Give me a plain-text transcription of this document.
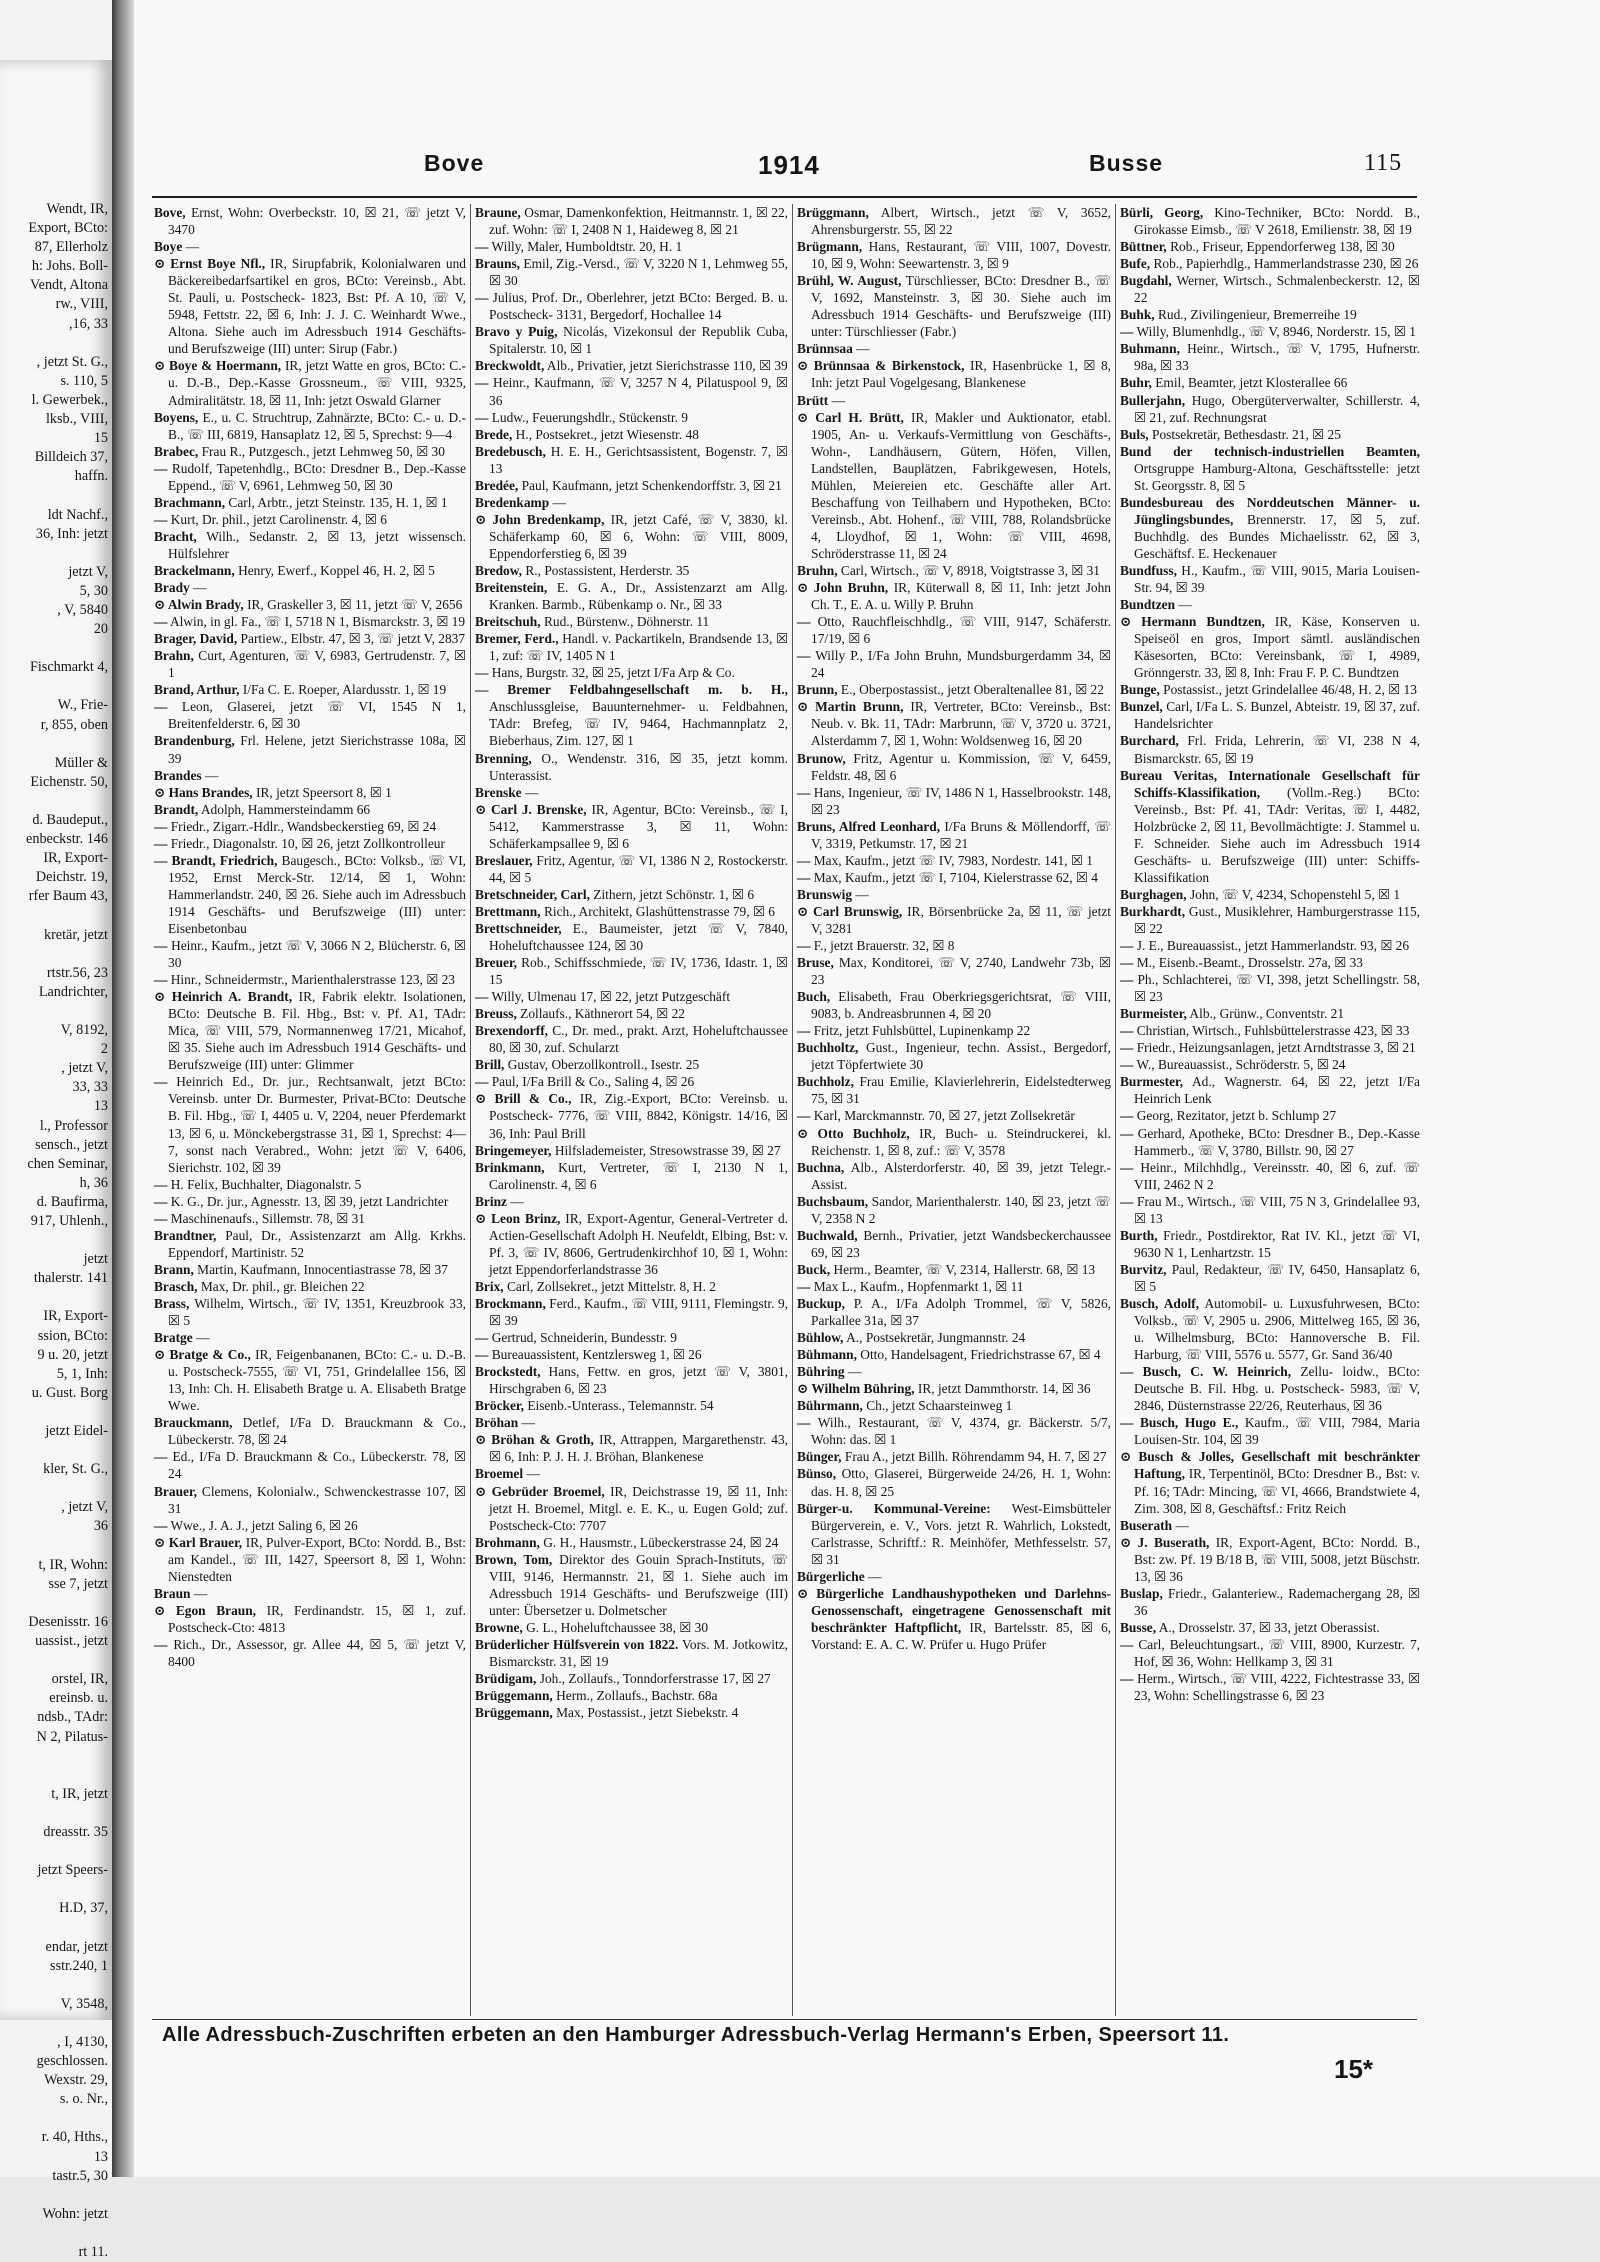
Wendt, IR,
Export, BCto:
87, Ellerholz
h: Johs. Boll-
Vendt, Altona
rw., VIII,
,16, 33

, jetzt St. G.,
s. 110, 5
l. Gewerbek.,
lksb., VIII,
15
Billdeich 37,
haffn.

ldt Nachf.,
36, Inh: jetzt

jetzt V,
5, 30
, V, 5840
20

Fischmarkt 4,

W., Frie-
r, 855, oben

Müller &
Eichenstr. 50,

d. Baudeput.,
enbeckstr. 146
IR, Export-
Deichstr. 19,
rfer Baum 43,

kretär, jetzt

rtstr.56, 23
Landrichter,

V, 8192,
2
, jetzt V,
33, 33
13
l., Professor
sensch., jetzt
chen Seminar,
h, 36
d. Baufirma,
917, Uhlenh.,

jetzt
thalerstr. 141

IR, Export-
ssion, BCto:
9 u. 20, jetzt
5, 1, Inh:
u. Gust. Borg

jetzt Eidel-

kler, St. G.,

, jetzt V,
36

t, IR, Wohn:
sse 7, jetzt

Desenisstr. 16
uassist., jetzt

orstel, IR,
ereinsb. u.
ndsb., TAdr:
N 2, Pilatus-

t, IR, jetzt

dreasstr. 35

jetzt Speers-

H.D, 37,

endar, jetzt
sstr.240, 1

V, 3548,

, I, 4130,
geschlossen.
Wexstr. 29,
s. o. Nr.,

r. 40, Hths.,
13
tastr.5, 30

Wohn: jetzt

rt 11.
Bove	1914	Busse	115

Bove, Ernst, Wohn: Overbeckstr. 10, ☒ 21, ☏ jetzt V, 3470

Boye —

⊙ Ernst Boye Nfl., IR, Sirupfabrik, Kolonialwaren und Bäckereibedarfsartikel en gros, BCto: Vereinsb., Abt. St. Pauli, u. Postscheck- 1823, Bst: Pf. A 10, ☏ V, 5948, Fettstr. 22, ☒ 6, Inh: J. J. C. Weinhardt Wwe., Altona. Siehe auch im Adressbuch 1914 Geschäfts- und Berufszweige (III) unter: Sirup (Fabr.)

⊙ Boye & Hoermann, IR, jetzt Watte en gros, BCto: C.- u. D.-B., Dep.-Kasse Grossneum., ☏ VIII, 9325, Admiralitätstr. 18, ☒ 11, Inh: jetzt Oswald Glarner

Boyens, E., u. C. Struchtrup, Zahnärzte, BCto: C.- u. D.-B., ☏ III, 6819, Hansaplatz 12, ☒ 5, Sprechst: 9—4

Brabec, Frau R., Putzgesch., jetzt Lehmweg 50, ☒ 30

— Rudolf, Tapetenhdlg., BCto: Dresdner B., Dep.-Kasse Eppend., ☏ V, 6961, Lehmweg 50, ☒ 30

Brachmann, Carl, Arbtr., jetzt Steinstr. 135, H. 1, ☒ 1

— Kurt, Dr. phil., jetzt Carolinenstr. 4, ☒ 6

Bracht, Wilh., Sedanstr. 2, ☒ 13, jetzt wissensch. Hülfslehrer

Brackelmann, Henry, Ewerf., Koppel 46, H. 2, ☒ 5

Brady —

⊙ Alwin Brady, IR, Graskeller 3, ☒ 11, jetzt ☏ V, 2656

— Alwin, in gl. Fa., ☏ I, 5718 N 1, Bismarckstr. 3, ☒ 19

Brager, David, Partiew., Elbstr. 47, ☒ 3, ☏ jetzt V, 2837

Brahn, Curt, Agenturen, ☏ V, 6983, Gertrudenstr. 7, ☒ 1

Brand, Arthur, I/Fa C. E. Roeper, Alardusstr. 1, ☒ 19

— Leon, Glaserei, jetzt ☏ VI, 1545 N 1, Breitenfelderstr. 6, ☒ 30

Brandenburg, Frl. Helene, jetzt Sierichstrasse 108a, ☒ 39

Brandes —

⊙ Hans Brandes, IR, jetzt Speersort 8, ☒ 1

Brandt, Adolph, Hammersteindamm 66

— Friedr., Zigarr.-Hdlr., Wandsbeckerstieg 69, ☒ 24

— Friedr., Diagonalstr. 10, ☒ 26, jetzt Zollkontrolleur

— Brandt, Friedrich, Baugesch., BCto: Volksb., ☏ VI, 1952, Ernst Merck-Str. 12/14, ☒ 1, Wohn: Hammerlandstr. 240, ☒ 26. Siehe auch im Adressbuch 1914 Geschäfts- und Berufszweige (III) unter: Eisenbetonbau

— Heinr., Kaufm., jetzt ☏ V, 3066 N 2, Blücherstr. 6, ☒ 30

— Hinr., Schneidermstr., Marienthalerstrasse 123, ☒ 23

⊙ Heinrich A. Brandt, IR, Fabrik elektr. Isolationen, BCto: Deutsche B. Fil. Hbg., Bst: v. Pf. A1, TAdr: Mica, ☏ VIII, 579, Normannenweg 17/21, Micahof, ☒ 35. Siehe auch im Adressbuch 1914 Geschäfts- und Berufszweige (III) unter: Glimmer

— Heinrich Ed., Dr. jur., Rechtsanwalt, jetzt BCto: Vereinsb. unter Dr. Burmester, Privat-BCto: Deutsche B. Fil. Hbg., ☏ I, 4405 u. V, 2204, neuer Pferdemarkt 13, ☒ 6, u. Mönckebergstrasse 31, ☒ 1, Sprechst: 4—7, sonst nach Verabred., Wohn: jetzt ☏ V, 6406, Sierichstr. 102, ☒ 39

— H. Felix, Buchhalter, Diagonalstr. 5

— K. G., Dr. jur., Agnesstr. 13, ☒ 39, jetzt Landrichter

— Maschinenaufs., Sillemstr. 78, ☒ 31

Brandtner, Paul, Dr., Assistenzarzt am Allg. Krkhs. Eppendorf, Martinistr. 52

Brann, Martin, Kaufmann, Innocentiastrasse 78, ☒ 37

Brasch, Max, Dr. phil., gr. Bleichen 22

Brass, Wilhelm, Wirtsch., ☏ IV, 1351, Kreuzbrook 33, ☒ 5

Bratge —

⊙ Bratge & Co., IR, Feigenbananen, BCto: C.- u. D.-B. u. Postscheck-7555, ☏ VI, 751, Grindelallee 156, ☒ 13, Inh: Ch. H. Elisabeth Bratge u. A. Elisabeth Bratge Wwe.

Brauckmann, Detlef, I/Fa D. Brauckmann & Co., Lübeckerstr. 78, ☒ 24

— Ed., I/Fa D. Brauckmann & Co., Lübeckerstr. 78, ☒ 24

Brauer, Clemens, Kolonialw., Schwenckestrasse 107, ☒ 31

— Wwe., J. A. J., jetzt Saling 6, ☒ 26

⊙ Karl Brauer, IR, Pulver-Export, BCto: Nordd. B., Bst: am Kandel., ☏ III, 1427, Speersort 8, ☒ 1, Wohn: Nienstedten

Braun —

⊙ Egon Braun, IR, Ferdinandstr. 15, ☒ 1, zuf. Postscheck-Cto: 4813

— Rich., Dr., Assessor, gr. Allee 44, ☒ 5, ☏ jetzt V, 8400

Braune, Osmar, Damenkonfektion, Heitmannstr. 1, ☒ 22, zuf. Wohn: ☏ I, 2408 N 1, Haideweg 8, ☒ 21

— Willy, Maler, Humboldtstr. 20, H. 1

Brauns, Emil, Zig.-Versd., ☏ V, 3220 N 1, Lehmweg 55, ☒ 30

— Julius, Prof. Dr., Oberlehrer, jetzt BCto: Berged. B. u. Postscheck- 3131, Bergedorf, Hochallee 14

Bravo y Puig, Nicolás, Vizekonsul der Republik Cuba, Spitalerstr. 10, ☒ 1

Breckwoldt, Alb., Privatier, jetzt Sierichstrasse 110, ☒ 39

— Heinr., Kaufmann, ☏ V, 3257 N 4, Pilatuspool 9, ☒ 36

— Ludw., Feuerungshdlr., Stückenstr. 9

Brede, H., Postsekret., jetzt Wiesenstr. 48

Bredebusch, H. E. H., Gerichtsassistent, Bogenstr. 7, ☒ 13

Bredée, Paul, Kaufmann, jetzt Schenkendorffstr. 3, ☒ 21

Bredenkamp —

⊙ John Bredenkamp, IR, jetzt Café, ☏ V, 3830, kl. Schäferkamp 60, ☒ 6, Wohn: ☏ VIII, 8009, Eppendorferstieg 6, ☒ 39

Bredow, R., Postassistent, Herderstr. 35

Breitenstein, E. G. A., Dr., Assistenzarzt am Allg. Kranken. Barmb., Rübenkamp o. Nr., ☒ 33

Breitschuh, Rud., Bürstenw., Döhnerstr. 11

Bremer, Ferd., Handl. v. Packartikeln, Brandsende 13, ☒ 1, zuf: ☏ IV, 1405 N 1

— Hans, Burgstr. 32, ☒ 25, jetzt I/Fa Arp & Co.

— Bremer Feldbahngesellschaft m. b. H., Anschlussgleise, Bauunternehmer- u. Feldbahnen, TAdr: Brefeg, ☏ IV, 9464, Hachmannplatz 2, Bieberhaus, Zim. 127, ☒ 1

Brenning, O., Wendenstr. 316, ☒ 35, jetzt komm. Unterassist.

Brenske —

⊙ Carl J. Brenske, IR, Agentur, BCto: Vereinsb., ☏ I, 5412, Kammerstrasse 3, ☒ 11, Wohn: Schäferkampsallee 9, ☒ 6

Breslauer, Fritz, Agentur, ☏ VI, 1386 N 2, Rostockerstr. 44, ☒ 5

Bretschneider, Carl, Zithern, jetzt Schönstr. 1, ☒ 6

Brettmann, Rich., Architekt, Glashüttenstrasse 79, ☒ 6

Brettschneider, E., Baumeister, jetzt ☏ V, 7840, Hoheluftchaussee 124, ☒ 30

Breuer, Rob., Schiffsschmiede, ☏ IV, 1736, Idastr. 1, ☒ 15

— Willy, Ulmenau 17, ☒ 22, jetzt Putzgeschäft

Breuss, Zollaufs., Käthnerort 54, ☒ 22

Brexendorff, C., Dr. med., prakt. Arzt, Hoheluftchaussee 80, ☒ 30, zuf. Schularzt

Brill, Gustav, Oberzollkontroll., Isestr. 25

— Paul, I/Fa Brill & Co., Saling 4, ☒ 26

⊙ Brill & Co., IR, Zig.-Export, BCto: Vereinsb. u. Postscheck- 7776, ☏ VIII, 8842, Königstr. 14/16, ☒ 36, Inh: Paul Brill

Bringemeyer, Hilfslademeister, Stresowstrasse 39, ☒ 27

Brinkmann, Kurt, Vertreter, ☏ I, 2130 N 1, Carolinenstr. 4, ☒ 6

Brinz —

⊙ Leon Brinz, IR, Export-Agentur, General-Vertreter d. Actien-Gesellschaft Adolph H. Neufeldt, Elbing, Bst: v. Pf. 3, ☏ IV, 8606, Gertrudenkirchhof 10, ☒ 1, Wohn: jetzt Eppendorferlandstrasse 36

Brix, Carl, Zollsekret., jetzt Mittelstr. 8, H. 2

Brockmann, Ferd., Kaufm., ☏ VIII, 9111, Flemingstr. 9, ☒ 39

— Gertrud, Schneiderin, Bundesstr. 9

— Bureauassistent, Kentzlersweg 1, ☒ 26

Brockstedt, Hans, Fettw. en gros, jetzt ☏ V, 3801, Hirschgraben 6, ☒ 23

Bröcker, Eisenb.-Unterass., Telemannstr. 54

Bröhan —

⊙ Bröhan & Groth, IR, Attrappen, Margarethenstr. 43, ☒ 6, Inh: P. J. H. J. Bröhan, Blankenese

Broemel —

⊙ Gebrüder Broemel, IR, Deichstrasse 19, ☒ 11, Inh: jetzt H. Broemel, Mitgl. e. E. K., u. Eugen Gold; zuf. Postscheck-Cto: 7707

Brohmann, G. H., Hausmstr., Lübeckerstrasse 24, ☒ 24

Brown, Tom, Direktor des Gouin Sprach-Instituts, ☏ VIII, 9146, Hermannstr. 21, ☒ 1. Siehe auch im Adressbuch 1914 Geschäfts- und Berufszweige (III) unter: Übersetzer u. Dolmetscher

Browne, G. L., Hoheluftchaussee 38, ☒ 30

Brüderlicher Hülfsverein von 1822. Vors. M. Jotkowitz, Bismarckstr. 31, ☒ 19

Brüdigam, Joh., Zollaufs., Tonndorferstrasse 17, ☒ 27

Brüggemann, Herm., Zollaufs., Bachstr. 68a

Brüggemann, Max, Postassist., jetzt Siebekstr. 4

Brüggmann, Albert, Wirtsch., jetzt ☏ V, 3652, Ahrensburgerstr. 55, ☒ 22

Brügmann, Hans, Restaurant, ☏ VIII, 1007, Dovestr. 10, ☒ 9, Wohn: Seewartenstr. 3, ☒ 9

Brühl, W. August, Türschliesser, BCto: Dresdner B., ☏ V, 1692, Mansteinstr. 3, ☒ 30. Siehe auch im Adressbuch 1914 Geschäfts- und Berufszweige (III) unter: Türschliesser (Fabr.)

Brünnsaa —

⊙ Brünnsaa & Birkenstock, IR, Hasenbrücke 1, ☒ 8, Inh: jetzt Paul Vogelgesang, Blankenese

Brütt —

⊙ Carl H. Brütt, IR, Makler und Auktionator, etabl. 1905, An- u. Verkaufs-Vermittlung von Geschäfts-, Wohn-, Landhäusern, Gütern, Höfen, Villen, Landstellen, Bauplätzen, Fabrikgewesen, Hotels, Mühlen, Meiereien etc. Geschäfte aller Art. Beschaffung von Teilhabern und Hypotheken, BCto: Vereinsb., Abt. Hohenf., ☏ VIII, 788, Rolandsbrücke 4, Lloydhof, ☒ 1, Wohn: ☏ VIII, 4698, Schröderstrasse 11, ☒ 24

Bruhn, Carl, Wirtsch., ☏ V, 8918, Voigtstrasse 3, ☒ 31

⊙ John Bruhn, IR, Küterwall 8, ☒ 11, Inh: jetzt John Ch. T., E. A. u. Willy P. Bruhn

— Otto, Rauchfleischhdlg., ☏ VIII, 9147, Schäferstr. 17/19, ☒ 6

— Willy P., I/Fa John Bruhn, Mundsburgerdamm 34, ☒ 24

Brunn, E., Oberpostassist., jetzt Oberaltenallee 81, ☒ 22

⊙ Martin Brunn, IR, Vertreter, BCto: Vereinsb., Bst: Neub. v. Bk. 11, TAdr: Marbrunn, ☏ V, 3720 u. 3721, Alsterdamm 7, ☒ 1, Wohn: Woldsenweg 16, ☒ 20

Brunow, Fritz, Agentur u. Kommission, ☏ V, 6459, Feldstr. 48, ☒ 6

— Hans, Ingenieur, ☏ IV, 1486 N 1, Hasselbrookstr. 148, ☒ 23

Bruns, Alfred Leonhard, I/Fa Bruns & Möllendorff, ☏ V, 3319, Petkumstr. 17, ☒ 21

— Max, Kaufm., jetzt ☏ IV, 7983, Nordestr. 141, ☒ 1

— Max, Kaufm., jetzt ☏ I, 7104, Kielerstrasse 62, ☒ 4

Brunswig —

⊙ Carl Brunswig, IR, Börsenbrücke 2a, ☒ 11, ☏ jetzt V, 3281

— F., jetzt Brauerstr. 32, ☒ 8

Bruse, Max, Konditorei, ☏ V, 2740, Landwehr 73b, ☒ 23

Buch, Elisabeth, Frau Oberkriegsgerichtsrat, ☏ VIII, 9083, b. Andreasbrunnen 4, ☒ 20

— Fritz, jetzt Fuhlsbüttel, Lupinenkamp 22

Buchholtz, Gust., Ingenieur, techn. Assist., Bergedorf, jetzt Töpfertwiete 30

Buchholz, Frau Emilie, Klavierlehrerin, Eidelstedterweg 75, ☒ 31

— Karl, Marckmannstr. 70, ☒ 27, jetzt Zollsekretär

⊙ Otto Buchholz, IR, Buch- u. Steindruckerei, kl. Reichenstr. 1, ☒ 8, zuf.: ☏ V, 3578

Buchna, Alb., Alsterdorferstr. 40, ☒ 39, jetzt Telegr.-Assist.

Buchsbaum, Sandor, Marienthalerstr. 140, ☒ 23, jetzt ☏ V, 2358 N 2

Buchwald, Bernh., Privatier, jetzt Wandsbeckerchaussee 69, ☒ 23

Buck, Herm., Beamter, ☏ V, 2314, Hallerstr. 68, ☒ 13

— Max L., Kaufm., Hopfenmarkt 1, ☒ 11

Buckup, P. A., I/Fa Adolph Trommel, ☏ V, 5826, Parkallee 31a, ☒ 37

Bühlow, A., Postsekretär, Jungmannstr. 24

Bühmann, Otto, Handelsagent, Friedrichstrasse 67, ☒ 4

Bühring —

⊙ Wilhelm Bühring, IR, jetzt Dammthorstr. 14, ☒ 36

Bührmann, Ch., jetzt Schaarsteinweg 1

— Wilh., Restaurant, ☏ V, 4374, gr. Bäckerstr. 5/7, Wohn: das. ☒ 1

Bünger, Frau A., jetzt Billh. Röhrendamm 94, H. 7, ☒ 27

Bünso, Otto, Glaserei, Bürgerweide 24/26, H. 1, Wohn: das. H. 8, ☒ 25

Bürger-u. Kommunal-Vereine: West-Eimsbütteler Bürgerverein, e. V., Vors. jetzt R. Wahrlich, Lokstedt, Carlstrasse, Schriftf.: R. Meinhöfer, Methfesselstr. 57, ☒ 31

Bürgerliche —

⊙ Bürgerliche Landhaushypotheken und Darlehns-Genossenschaft, eingetragene Genossenschaft mit beschränkter Haftpflicht, IR, Bartelsstr. 85, ☒ 6, Vorstand: E. A. C. W. Prüfer u. Hugo Prüfer

Bürli, Georg, Kino-Techniker, BCto: Nordd. B., Girokasse Eimsb., ☏ V 2618, Emilienstr. 38, ☒ 19

Büttner, Rob., Friseur, Eppendorferweg 138, ☒ 30

Bufe, Rob., Papierhdlg., Hammerlandstrasse 230, ☒ 26

Bugdahl, Werner, Wirtsch., Schmalenbeckerstr. 12, ☒ 22

Buhk, Rud., Zivilingenieur, Bremerreihe 19

— Willy, Blumenhdlg., ☏ V, 8946, Norderstr. 15, ☒ 1

Buhmann, Heinr., Wirtsch., ☏ V, 1795, Hufnerstr. 98a, ☒ 33

Buhr, Emil, Beamter, jetzt Klosterallee 66

Bullerjahn, Hugo, Obergüterverwalter, Schillerstr. 4, ☒ 21, zuf. Rechnungsrat

Buls, Postsekretär, Bethesdastr. 21, ☒ 25

Bund der technisch-industriellen Beamten, Ortsgruppe Hamburg-Altona, Geschäftsstelle: jetzt St. Georgsstr. 8, ☒ 5

Bundesbureau des Norddeutschen Männer- u. Jünglingsbundes, Brennerstr. 17, ☒ 5, zuf. Buchhdlg. des Bundes Michaelisstr. 62, ☒ 3, Geschäftsf. E. Heckenauer

Bundfuss, H., Kaufm., ☏ VIII, 9015, Maria Louisen-Str. 94, ☒ 39

Bundtzen —

⊙ Hermann Bundtzen, IR, Käse, Konserven u. Speiseöl en gros, Import sämtl. ausländischen Käsesorten, BCto: Vereinsbank, ☏ I, 4989, Grönngerstr. 33, ☒ 8, Inh: Frau F. P. C. Bundtzen

Bunge, Postassist., jetzt Grindelallee 46/48, H. 2, ☒ 13

Bunzel, Carl, I/Fa L. S. Bunzel, Abteistr. 19, ☒ 37, zuf. Handelsrichter

Burchard, Frl. Frida, Lehrerin, ☏ VI, 238 N 4, Bismarckstr. 65, ☒ 19

Bureau Veritas, Internationale Gesellschaft für Schiffs-Klassifikation, (Vollm.-Reg.) BCto: Vereinsb., Bst: Pf. 41, TAdr: Veritas, ☏ I, 4482, Holzbrücke 2, ☒ 11, Bevollmächtigte: J. Stammel u. F. Schneider. Siehe auch im Adressbuch 1914 Geschäfts- u. Berufszweige (III) unter: Schiffs-Klassifikation

Burghagen, John, ☏ V, 4234, Schopenstehl 5, ☒ 1

Burkhardt, Gust., Musiklehrer, Hamburgerstrasse 115, ☒ 22

— J. E., Bureauassist., jetzt Hammerlandstr. 93, ☒ 26

— M., Eisenb.-Beamt., Drosselstr. 27a, ☒ 33

— Ph., Schlachterei, ☏ VI, 398, jetzt Schellingstr. 58, ☒ 23

Burmeister, Alb., Grünw., Conventstr. 21

— Christian, Wirtsch., Fuhlsbüttelerstrasse 423, ☒ 33

— Friedr., Heizungsanlagen, jetzt Arndtstrasse 3, ☒ 21

— W., Bureauassist., Schröderstr. 5, ☒ 24

Burmester, Ad., Wagnerstr. 64, ☒ 22, jetzt I/Fa Heinrich Lenk

— Georg, Rezitator, jetzt b. Schlump 27

— Gerhard, Apotheke, BCto: Dresdner B., Dep.-Kasse Hammerb., ☏ V, 3780, Billstr. 90, ☒ 27

— Heinr., Milchhdlg., Vereinsstr. 40, ☒ 6, zuf. ☏ VIII, 2462 N 2

— Frau M., Wirtsch., ☏ VIII, 75 N 3, Grindelallee 93, ☒ 13

Burth, Friedr., Postdirektor, Rat IV. Kl., jetzt ☏ VI, 9630 N 1, Lenhartzstr. 15

Burvitz, Paul, Redakteur, ☏ IV, 6450, Hansaplatz 6, ☒ 5

Busch, Adolf, Automobil- u. Luxusfuhrwesen, BCto: Volksb., ☏ V, 2905 u. 2906, Mittelweg 165, ☒ 36, u. Wilhelmsburg, BCto: Hannoversche B. Fil. Harburg, ☏ VIII, 5576 u. 5577, Gr. Sand 36/40

— Busch, C. W. Heinrich, Zellu- loidw., BCto: Deutsche B. Fil. Hbg. u. Postscheck- 5983, ☏ V, 2846, Düsternstrasse 22/26, Reuterhaus, ☒ 36

— Busch, Hugo E., Kaufm., ☏ VIII, 7984, Maria Louisen-Str. 104, ☒ 39

⊙ Busch & Jolles, Gesellschaft mit beschränkter Haftung, IR, Terpentinöl, BCto: Dresdner B., Bst: v. Pf. 16; TAdr: Mincing, ☏ VI, 4666, Brandstwiete 4, Zim. 308, ☒ 8, Geschäftsf.: Fritz Reich

Buserath —

⊙ J. Buserath, IR, Export-Agent, BCto: Nordd. B., Bst: zw. Pf. 19 B/18 B, ☏ VIII, 5008, jetzt Büschstr. 13, ☒ 36

Buslap, Friedr., Galanteriew., Rademachergang 28, ☒ 36

Busse, A., Drosselstr. 37, ☒ 33, jetzt Oberassist.

— Carl, Beleuchtungsart., ☏ VIII, 8900, Kurzestr. 7, Hof, ☒ 36, Wohn: Hellkamp 3, ☒ 31

— Herm., Wirtsch., ☏ VIII, 4222, Fichtestrasse 33, ☒ 23, Wohn: Schellingstrasse 6, ☒ 23

Alle Adressbuch-Zuschriften erbeten an den Hamburger Adressbuch-Verlag Hermann's Erben, Speersort 11.
15*
